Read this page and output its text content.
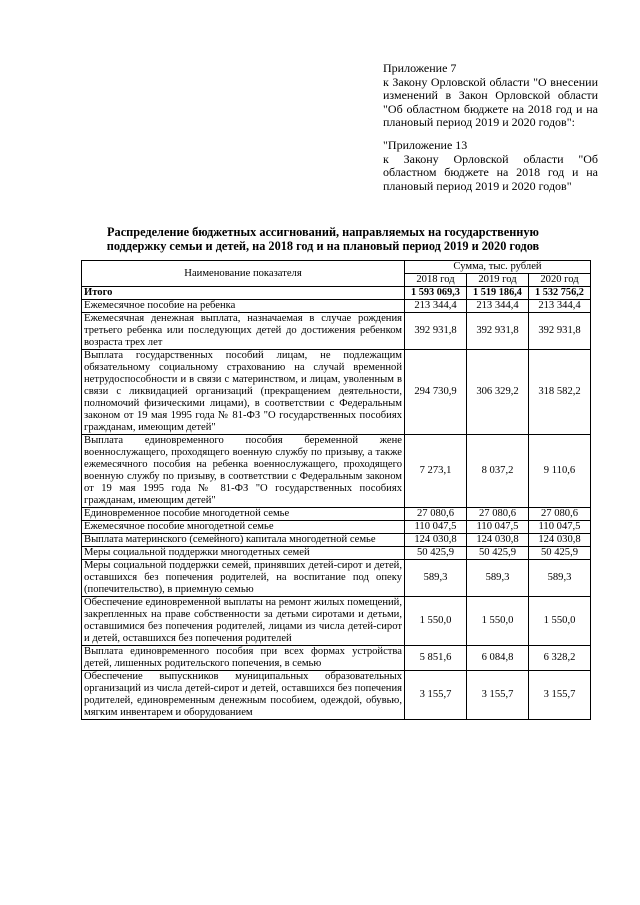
Приложение 7

к Закону Орловской области "О внесении изменений в Закон Орловской области "Об областном бюджете на 2018 год и на плановый период 2019 и 2020 годов":

"Приложение 13

к Закону Орловской области "Об областном бюджете на 2018 год и на плановый период 2019 и 2020 годов"

Распределение бюджетных ассигнований, направляемых на государственную поддержку семьи и детей, на 2018 год и на плановый период 2019 и 2020 годов
Наименование показателя	Сумма, тыс. рублей		
	2018 год	2019 год	2020 год
Итого	1 593 069,3	1 519 186,4	1 532 756,2
Ежемесячное пособие на ребенка	213 344,4	213 344,4	213 344,4
Ежемесячная денежная выплата, назначаемая в случае рождения третьего ребенка или последующих детей до достижения ребенком возраста трех лет	392 931,8	392 931,8	392 931,8
Выплата государственных пособий лицам, не подлежащим обязательному социальному страхованию на случай временной нетрудоспособности и в связи с материнством, и лицам, уволенным в связи с ликвидацией организаций (прекращением деятельности, полномочий физическими лицами), в соответствии с Федеральным законом от 19 мая 1995 года № 81-ФЗ "О государственных пособиях гражданам, имеющим детей"	294 730,9	306 329,2	318 582,2
Выплата единовременного пособия беременной жене военнослужащего, проходящего военную службу по призыву, а также ежемесячного пособия на ребенка военнослужащего, проходящего военную службу по призыву, в соответствии с Федеральным законом от 19 мая 1995 года № 81-ФЗ "О государственных пособиях гражданам, имеющим детей"	7 273,1	8 037,2	9 110,6
Единовременное пособие многодетной семье	27 080,6	27 080,6	27 080,6
Ежемесячное пособие многодетной семье	110 047,5	110 047,5	110 047,5
Выплата материнского (семейного) капитала многодетной семье	124 030,8	124 030,8	124 030,8
Меры социальной поддержки многодетных семей	50 425,9	50 425,9	50 425,9
Меры социальной поддержки семей, принявших детей-сирот и детей, оставшихся без попечения родителей, на воспитание под опеку (попечительство), в приемную семью	589,3	589,3	589,3
Обеспечение единовременной выплаты на ремонт жилых помещений, закрепленных на праве собственности за детьми сиротами и детьми, оставшимися без попечения родителей, лицами из числа детей-сирот и детей, оставшихся без попечения родителей	1 550,0	1 550,0	1 550,0
Выплата единовременного пособия при всех формах устройства детей, лишенных родительского попечения, в семью	5 851,6	6 084,8	6 328,2
Обеспечение выпускников муниципальных образовательных организаций из числа детей-сирот и детей, оставшихся без попечения родителей, единовременным денежным пособием, одеждой, обувью, мягким инвентарем и оборудованием	3 155,7	3 155,7	3 155,7
